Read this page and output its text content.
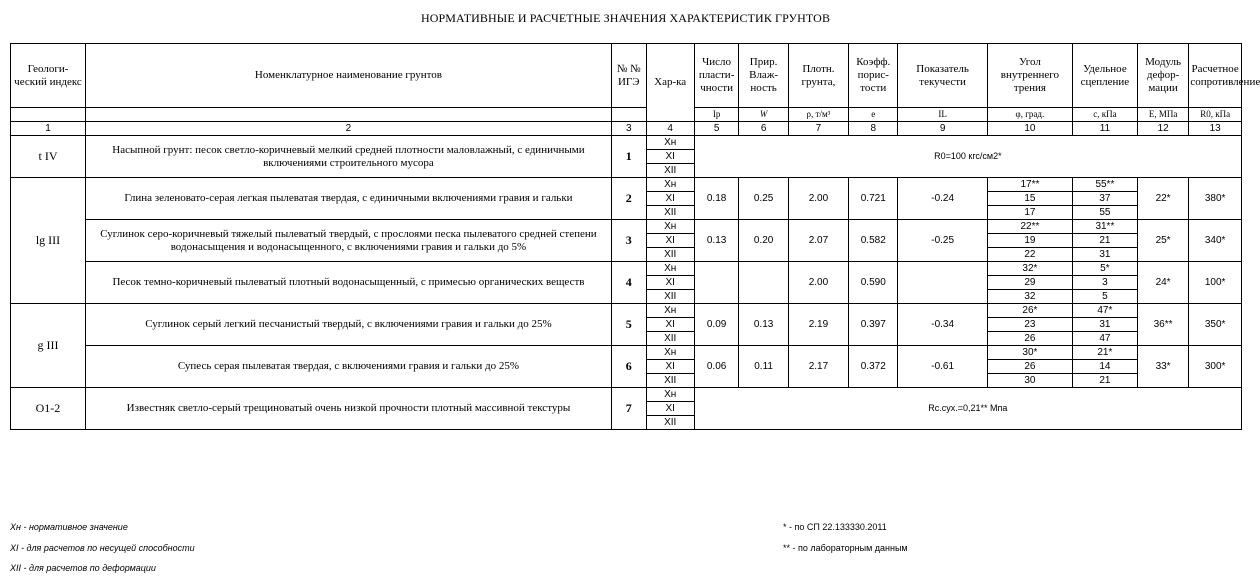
НОРМАТИВНЫЕ И РАСЧЕТНЫЕ ЗНАЧЕНИЯ ХАРАКТЕРИСТИК ГРУНТОВ
Геологи-ческий индекс	Номенклатурное наименование грунтов	№ № ИГЭ	Хар-ка	Число пласти-чности	Прир. Влаж-ность	Плотн. грунта,	Коэфф. порис-тости	Показатель текучести	Угол внутреннего трения	Удельное сцепление	Модуль дефор-мации	Расчетное сопротивление
				Ip	W	ρ, т/м³	e	IL	φ, град.	c, кПа	E, МПа	R0, кПа
1	2	3	4	5	6	7	8	9	10	11	12	13
t IV	Насыпной грунт: песок светло-коричневый мелкий средней плотности маловлажный, с единичными включениями строительного мусора	1	Xн	R0=100 кгс/см2*								
			XI									
			XII									
lg III	Глина зеленовато-серая легкая пылеватая твердая, с единичными включениями гравия и гальки	2	Xн	0.18	0.25	2.00	0.721	-0.24	17**	55**	22*	380*
			XI						15	37		
			XII						17	55		
	Суглинок серо-коричневый тяжелый пылеватый твердый, с прослоями песка пылеватого средней степени водонасыщения и водонасыщенного, с включениями гравия и гальки до 5%	3	Xн	0.13	0.20	2.07	0.582	-0.25	22**	31**	25*	340*
			XI						19	21		
			XII						22	31		
	Песок темно-коричневый пылеватый плотный водонасыщенный, с примесью органических веществ	4	Xн			2.00	0.590		32*	5*	24*	100*
			XI						29	3		
			XII						32	5		
g III	Суглинок серый легкий песчанистый твердый, с включениями гравия и гальки до 25%	5	Xн	0.09	0.13	2.19	0.397	-0.34	26*	47*	36**	350*
			XI						23	31		
			XII						26	47		
	Супесь серая пылеватая твердая, с включениями гравия и гальки до 25%	6	Xн	0.06	0.11	2.17	0.372	-0.61	30*	21*	33*	300*
			XI						26	14		
			XII						30	21		
O1-2	Известняк светло-серый трещиноватый очень низкой прочности плотный массивной текстуры	7	Xн	Rc.сух.=0,21** Мпа								
			XI									
			XII									
Xн - нормативное значение
XI - для расчетов по несущей способности
XII - для расчетов по деформации
* - по СП 22.133330.2011
** - по лабораторным данным
